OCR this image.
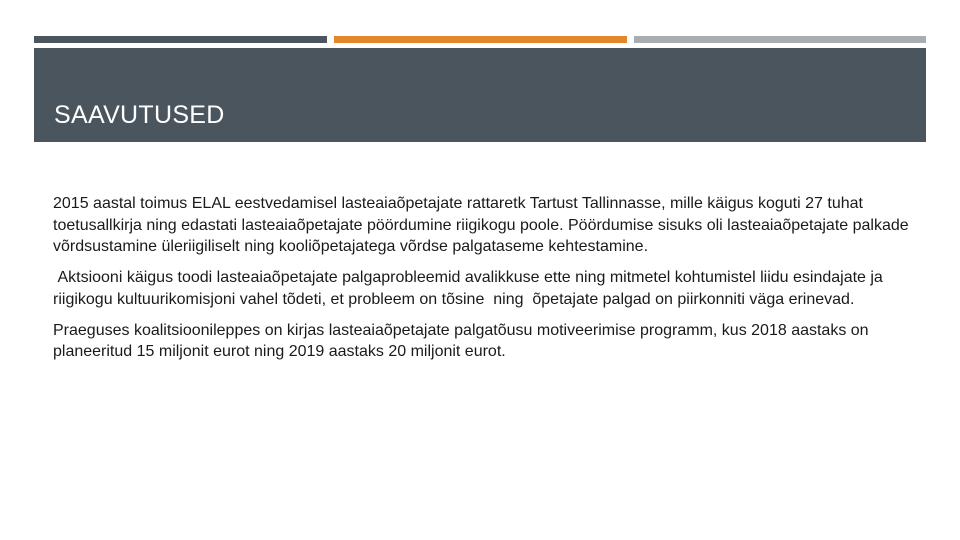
SAAVUTUSED

2015 aastal toimus ELAL eestvedamisel lasteaiaõpetajate rattaretk Tartust Tallinnasse, mille käigus koguti 27 tuhat toetusallkirja ning edastati lasteaiaõpetajate pöördumine riigikogu poole. Pöördumise sisuks oli lasteaiaõpetajate palkade võrdsustamine üleriigiliselt ning kooliõpetajatega võrdse palgataseme kehtestamine.

Aktsiooni käigus toodi lasteaiaõpetajate palgaprobleemid avalikkuse ette ning mitmetel kohtumistel liidu esindajate ja riigikogu kultuurikomisjoni vahel tõdeti, et probleem on tõsine  ning  õpetajate palgad on piirkonniti väga erinevad.

Praeguses koalitsioonileppes on kirjas lasteaiaõpetajate palgatõusu motiveerimise programm, kus 2018 aastaks on planeeritud 15 miljonit eurot ning 2019 aastaks 20 miljonit eurot.
